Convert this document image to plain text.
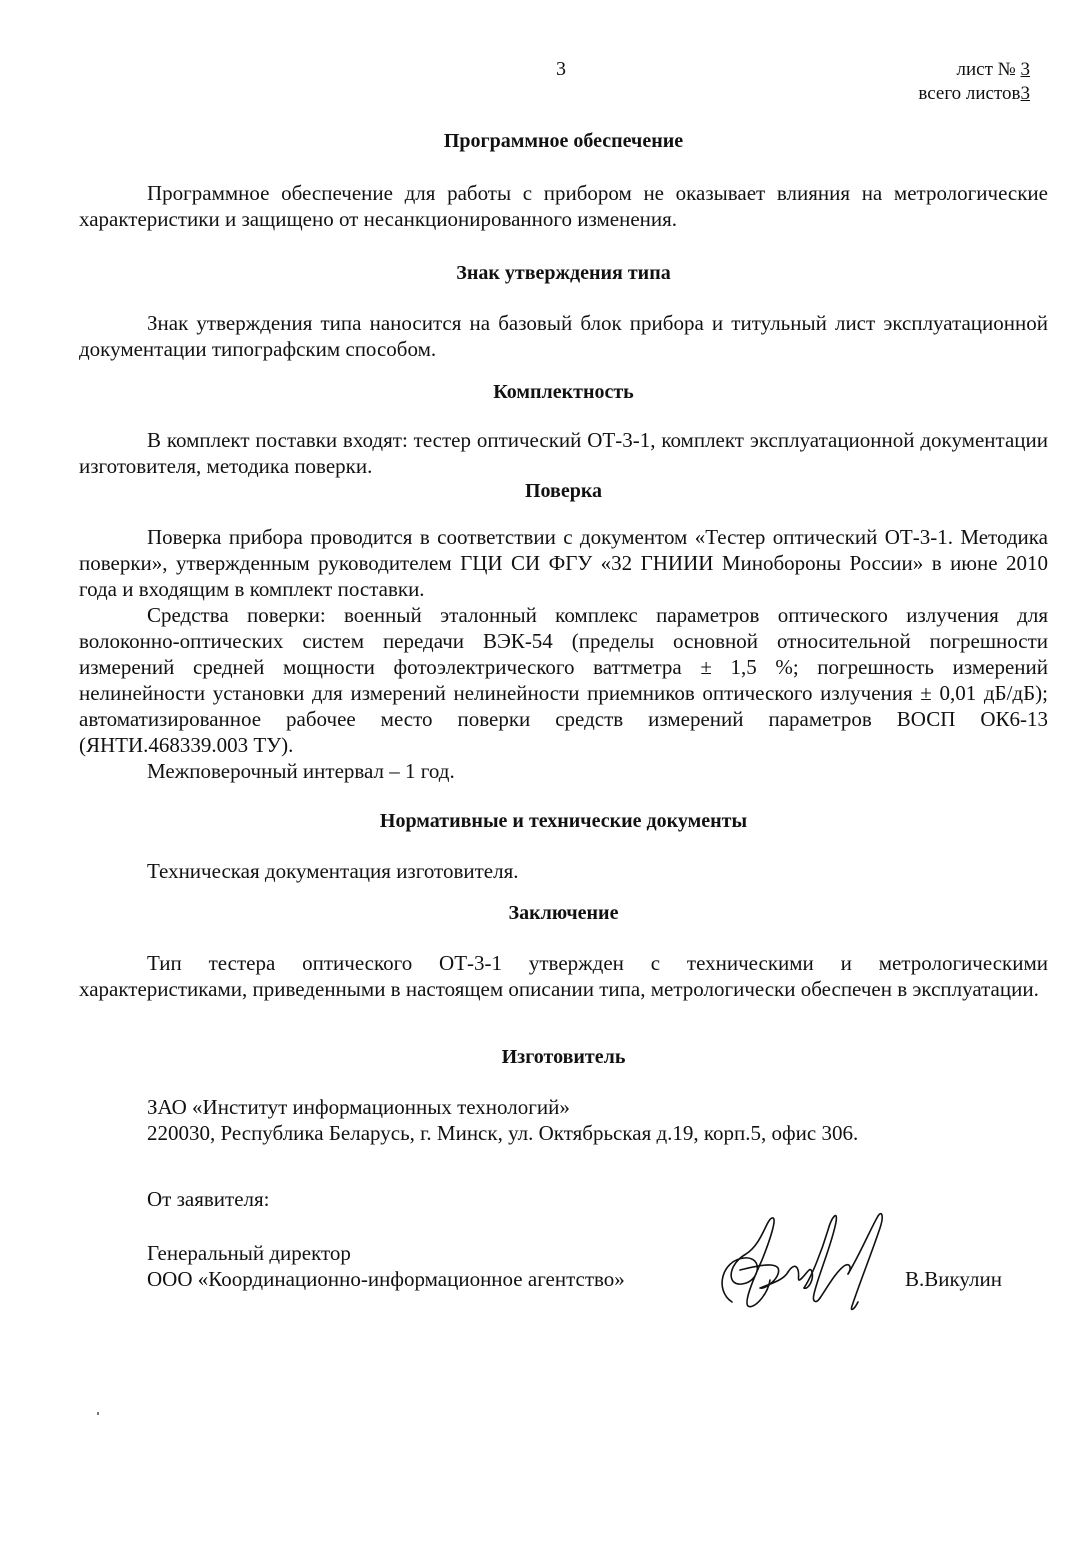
3	лист № 3
всего листов3
Программное обеспечение

Программное обеспечение для работы с прибором не оказывает влияния на метрологические характеристики и защищено от несанкционированного изменения.

Знак утверждения типа

Знак утверждения типа наносится на базовый блок прибора и титульный лист эксплуатационной документации типографским способом.

Комплектность

В комплект поставки входят: тестер оптический ОТ-3-1, комплект эксплуатационной документации изготовителя, методика поверки.

Поверка

Поверка прибора проводится в соответствии с документом «Тестер оптический ОТ-3-1. Методика поверки», утвержденным руководителем ГЦИ СИ ФГУ «32 ГНИИИ Минобороны России» в июне 2010 года и входящим в комплект поставки.

Средства поверки: военный эталонный комплекс параметров оптического излучения для волоконно-оптических систем передачи ВЭК-54 (пределы основной относительной погрешности измерений средней мощности фотоэлектрического ваттметра ± 1,5 %; погрешность измерений нелинейности установки для измерений нелинейности приемников оптического излучения ± 0,01 дБ/дБ); автоматизированное рабочее место поверки средств измерений параметров ВОСП ОК6-13 (ЯНТИ.468339.003 ТУ).

Межповерочный интервал – 1 год.

Нормативные и технические документы

Техническая документация изготовителя.

Заключение

Тип тестера оптического ОТ-3-1 утвержден с техническими и метрологическими характеристиками, приведенными в настоящем описании типа, метрологически обеспечен в эксплуатации.

Изготовитель

ЗАО «Институт информационных технологий»

220030, Республика Беларусь, г. Минск, ул. Октябрьская д.19, корп.5, офис 306.

От заявителя:

Генеральный директор

ООО «Координационно-информационное агентство»	В.Викулин
